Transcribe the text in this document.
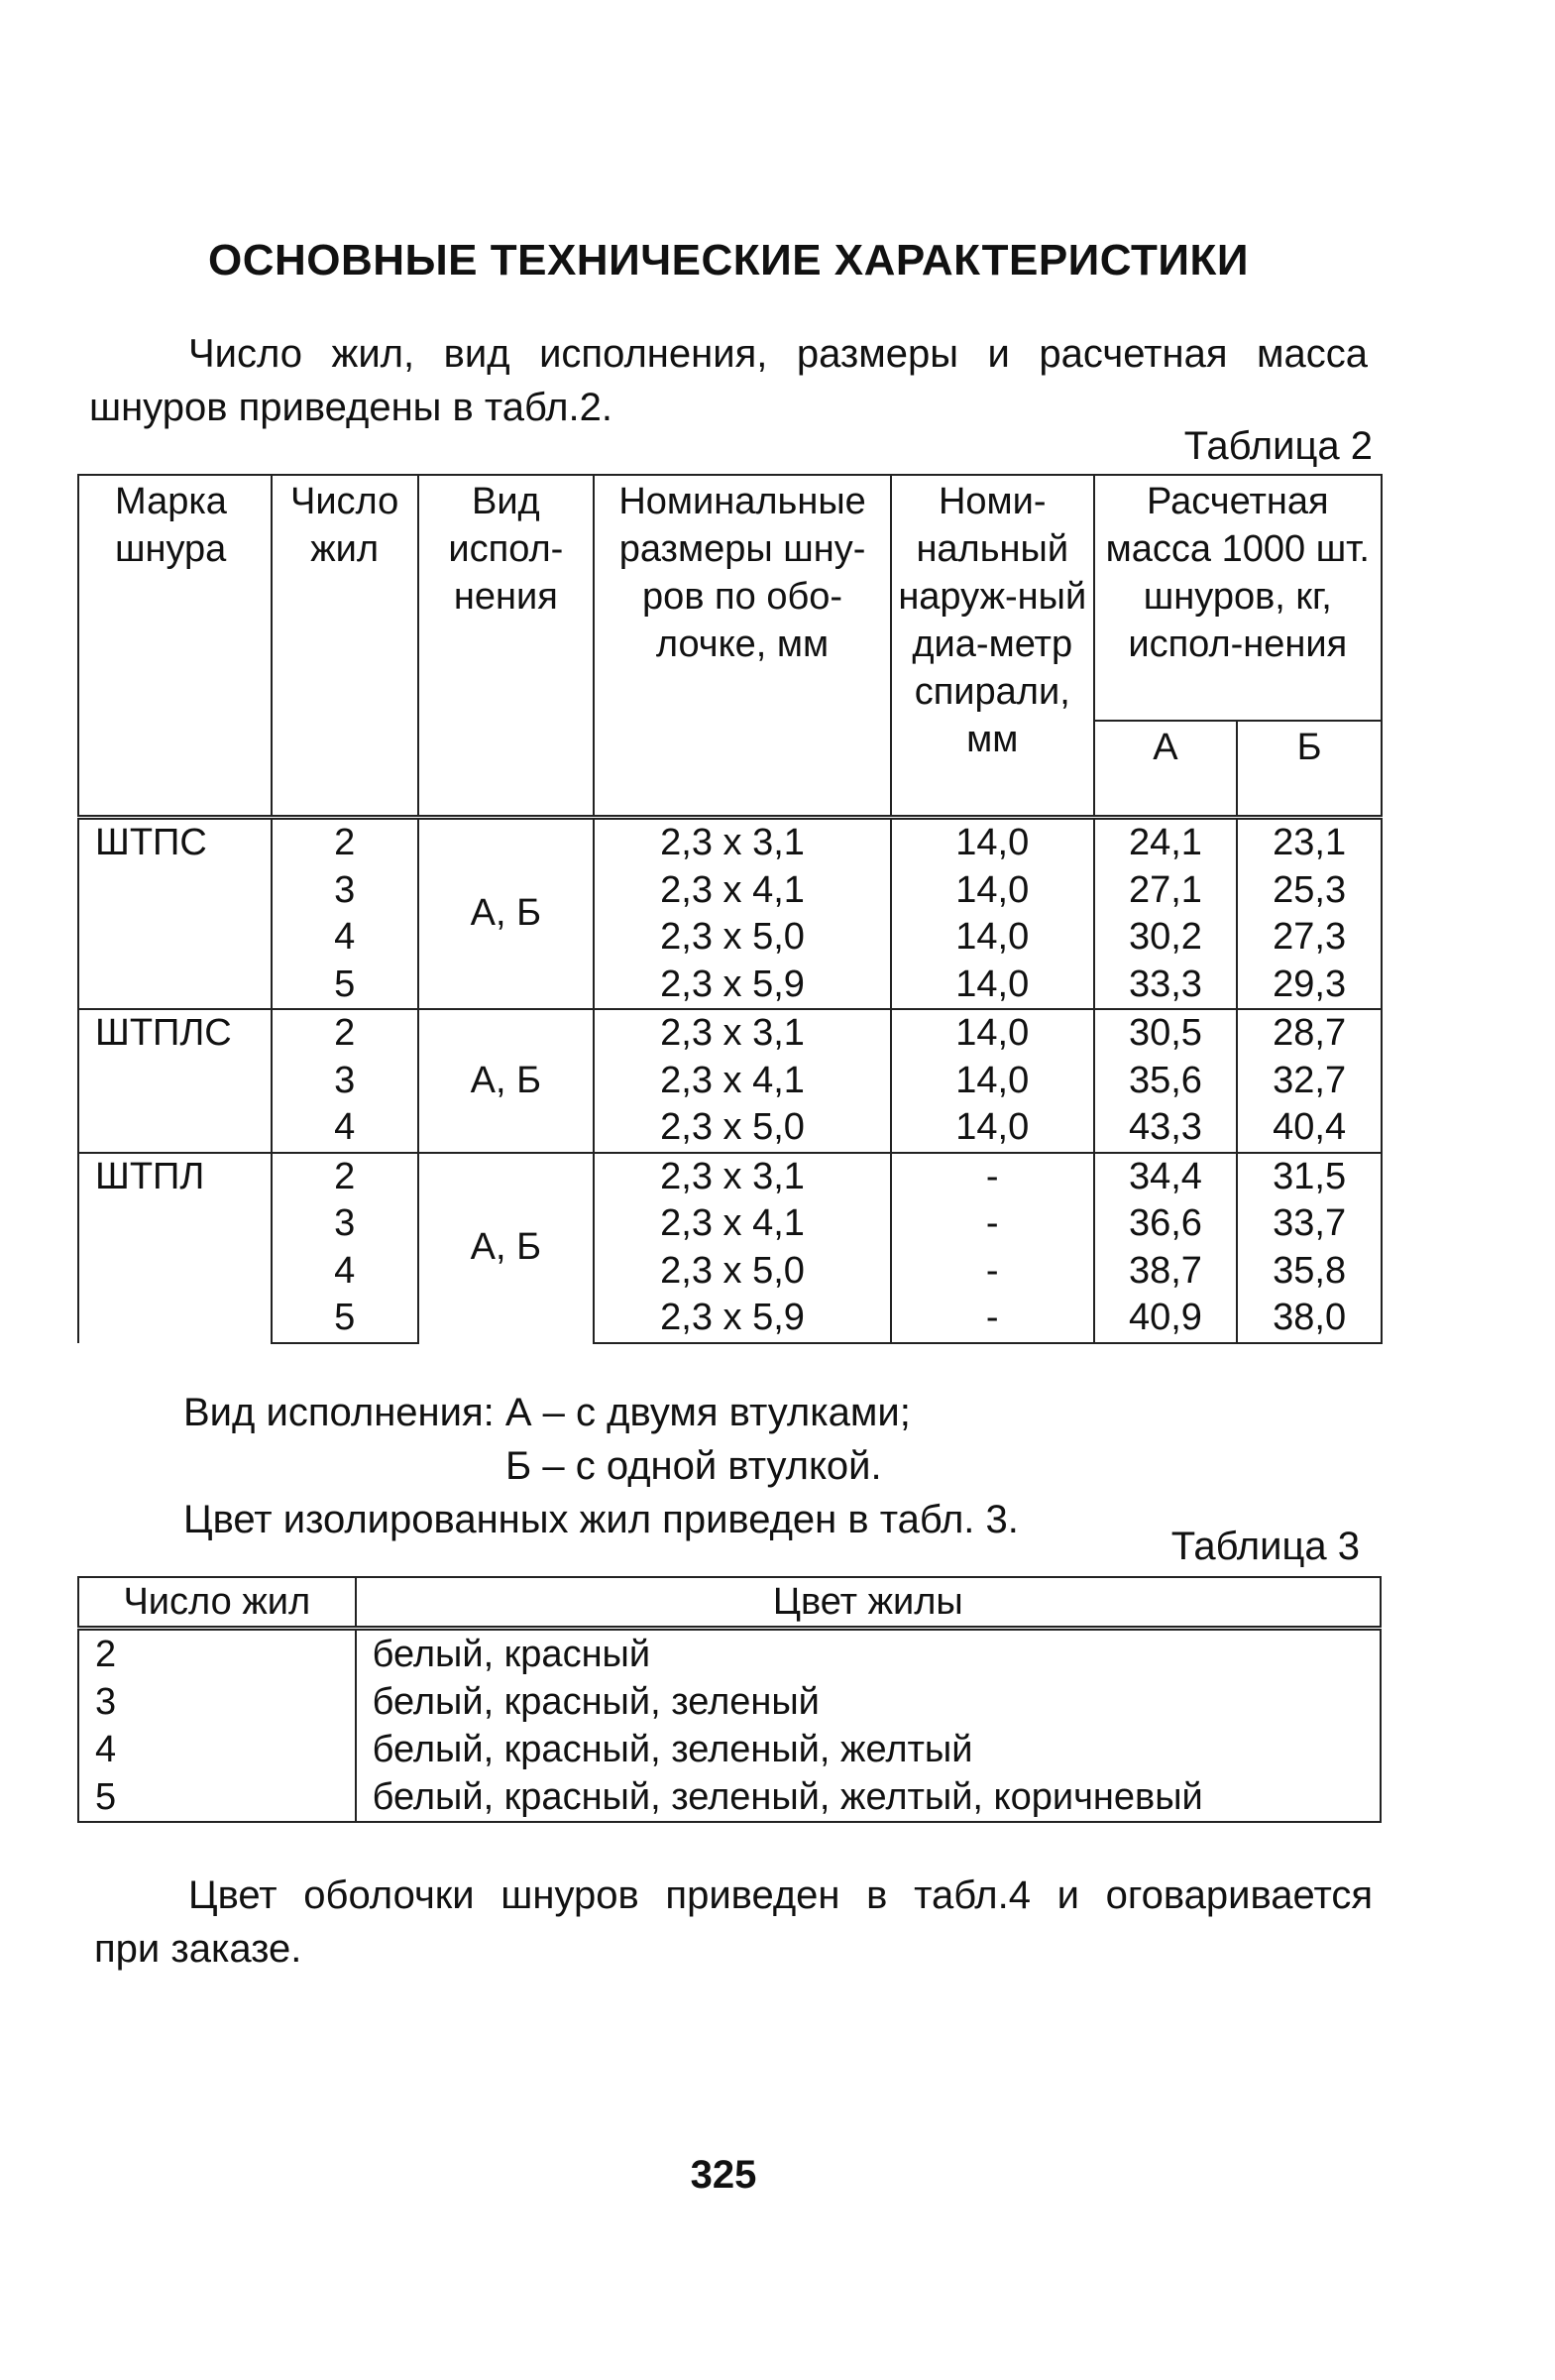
ОСНОВНЫЕ ТЕХНИЧЕСКИЕ ХАРАКТЕРИСТИКИ
Число жил, вид исполнения, размеры и расчетная масса
шнуров приведены в табл.2.
Таблица 2
Марка шнура	Число жил	Вид испол-нения	Номинальные размеры шну-ров по обо-лочке, мм	Номи-нальный наруж-ный диа-метр спирали, мм	Расчетная масса 1000 шт. шнуров, кг, испол-нения	
					А	Б
ШТПС	2	А, Б	2,3 x 3,1	14,0	24,1	23,1
	3		2,3 x 4,1	14,0	27,1	25,3
	4		2,3 x 5,0	14,0	30,2	27,3
	5		2,3 x 5,9	14,0	33,3	29,3
ШТПЛС	2	А, Б	2,3 x 3,1	14,0	30,5	28,7
	3		2,3 x 4,1	14,0	35,6	32,7
	4		2,3 x 5,0	14,0	43,3	40,4
ШТПЛ	2	А, Б	2,3 x 3,1	-	34,4	31,5
	3		2,3 x 4,1	-	36,6	33,7
	4		2,3 x 5,0	-	38,7	35,8
	5		2,3 x 5,9	-	40,9	38,0
Вид исполнения: А – с двумя втулками;
Б – с одной втулкой.
Цвет изолированных жил приведен в табл. 3.
Таблица 3
Число жил	Цвет жилы
2	белый, красный
3	белый, красный, зеленый
4	белый, красный, зеленый, желтый
5	белый, красный, зеленый, желтый, коричневый
Цвет оболочки шнуров приведен в табл.4 и оговаривается
при заказе.
325
